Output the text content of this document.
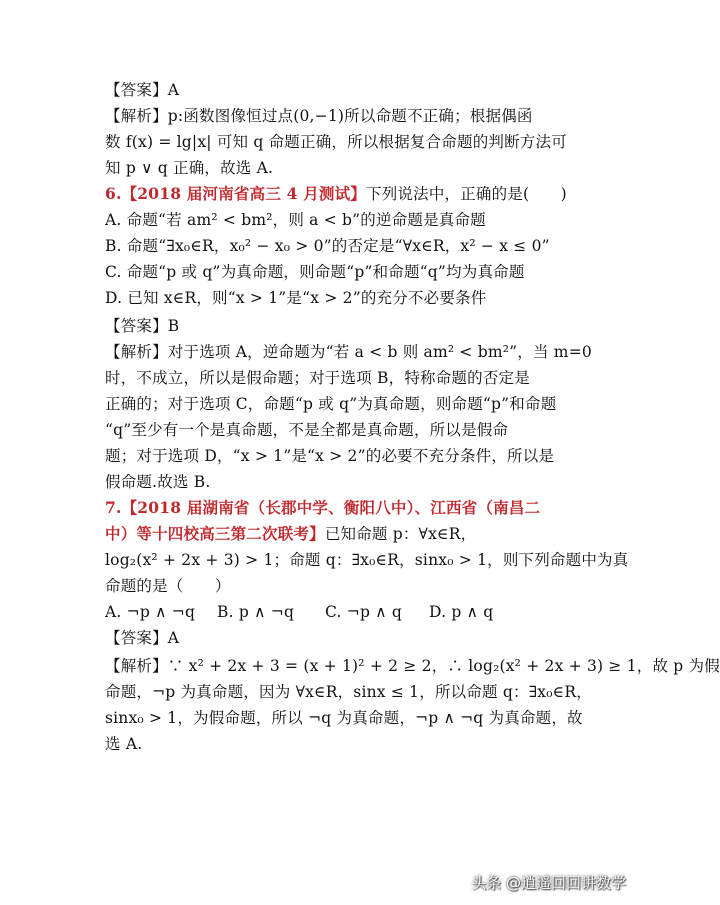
【答案】A
【解析】p:函数图像恒过点(0,−1)所以命题不正确；根据偶函
数 f(x) = lg|x| 可知 q 命题正确，所以根据复合命题的判断方法可
知 p ∨ q 正确，故选 A.
6.【2018 届河南省高三 4 月测试】下列说法中，正确的是(　　)
A. 命题“若 am² < bm²，则 a < b”的逆命题是真命题
B. 命题“∃x₀∈R，x₀² − x₀ > 0”的否定是“∀x∈R，x² − x ≤ 0”
C. 命题“p 或 q”为真命题，则命题“p”和命题“q”均为真命题
D. 已知 x∈R，则“x > 1”是“x > 2”的充分不必要条件
【答案】B
【解析】对于选项 A，逆命题为“若 a < b 则 am² < bm²”，当 m=0
时，不成立，所以是假命题；对于选项 B，特称命题的否定是
正确的；对于选项 C，命题“p 或 q”为真命题，则命题“p”和命题
“q”至少有一个是真命题，不是全都是真命题，所以是假命
题；对于选项 D，“x > 1”是“x > 2”的必要不充分条件，所以是
假命题.故选 B.
7.【2018 届湖南省（长郡中学、衡阳八中）、江西省（南昌二
中）等十四校高三第二次联考】已知命题 p：∀x∈R，
log₂(x² + 2x + 3) > 1；命题 q：∃x₀∈R，sinx₀ > 1，则下列命题中为真
命题的是（　　）
A. ¬p ∧ ¬q B. p ∧ ¬q C. ¬p ∧ q D. p ∧ q
【答案】A
【解析】∵ x² + 2x + 3 = (x + 1)² + 2 ≥ 2，∴ log₂(x² + 2x + 3) ≥ 1，故 p 为假
命题，¬p 为真命题，因为 ∀x∈R，sinx ≤ 1，所以命题 q：∃x₀∈R，
sinx₀ > 1，为假命题，所以 ¬q 为真命题，¬p ∧ ¬q 为真命题，故
选 A.
头条 @逍遥回回讲数学
